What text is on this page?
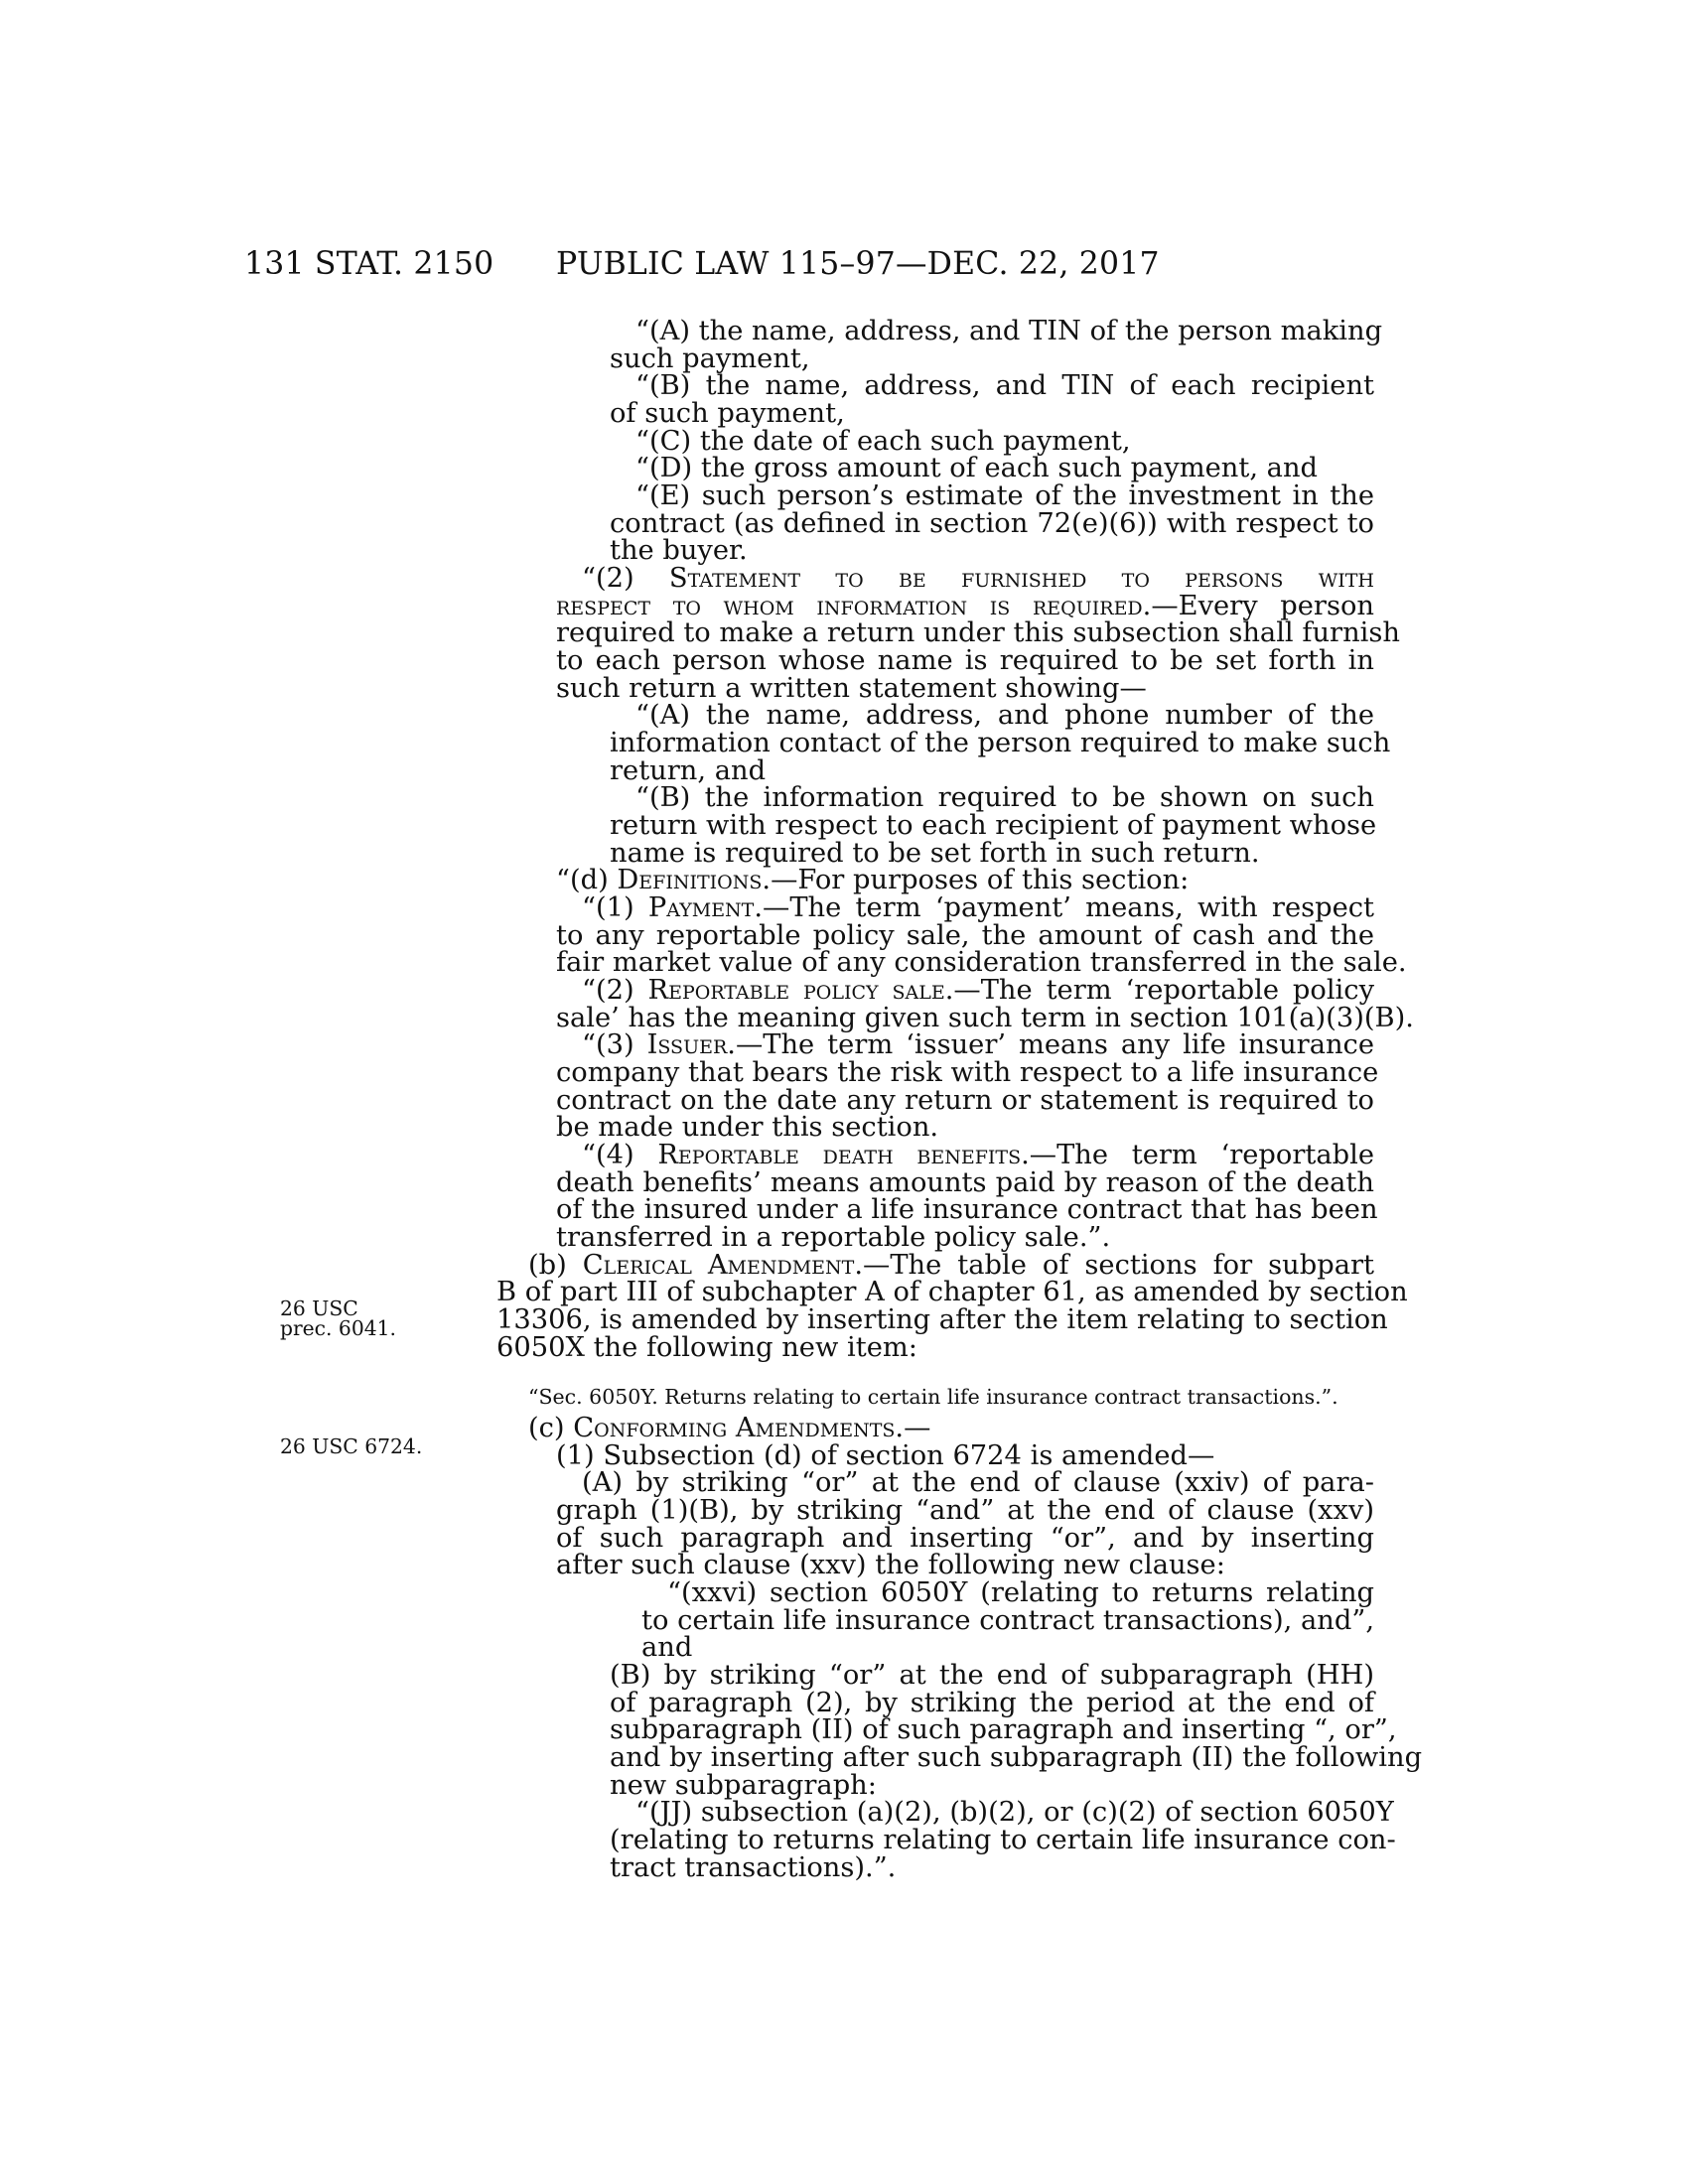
131 STAT. 2150 PUBLIC LAW 115–97—DEC. 22, 2017
26 USC
prec. 6041.
26 USC 6724.
“(A) the name, address, and TIN of the person making
such payment,
“(B) the name, address, and TIN of each recipient
of such payment,
“(C) the date of each such payment,
“(D) the gross amount of each such payment, and
“(E) such person’s estimate of the investment in the
contract (as defined in section 72(e)(6)) with respect to
the buyer.
“(2) Statement to be furnished to persons with
respect to whom information is required.—Every person
required to make a return under this subsection shall furnish
to each person whose name is required to be set forth in
such return a written statement showing—
“(A) the name, address, and phone number of the
information contact of the person required to make such
return, and
“(B) the information required to be shown on such
return with respect to each recipient of payment whose
name is required to be set forth in such return.
“(d) Definitions.—For purposes of this section:
“(1) Payment.—The term ‘payment’ means, with respect
to any reportable policy sale, the amount of cash and the
fair market value of any consideration transferred in the sale.
“(2) Reportable policy sale.—The term ‘reportable policy
sale’ has the meaning given such term in section 101(a)(3)(B).
“(3) Issuer.—The term ‘issuer’ means any life insurance
company that bears the risk with respect to a life insurance
contract on the date any return or statement is required to
be made under this section.
“(4) Reportable death benefits.—The term ‘reportable
death benefits’ means amounts paid by reason of the death
of the insured under a life insurance contract that has been
transferred in a reportable policy sale.”.
(b) Clerical Amendment.—The table of sections for subpart
B of part III of subchapter A of chapter 61, as amended by section
13306, is amended by inserting after the item relating to section
6050X the following new item:
“Sec. 6050Y. Returns relating to certain life insurance contract transactions.”.
(c) Conforming Amendments.—
(1) Subsection (d) of section 6724 is amended—
(A) by striking “or” at the end of clause (xxiv) of para-
graph (1)(B), by striking “and” at the end of clause (xxv)
of such paragraph and inserting “or”, and by inserting
after such clause (xxv) the following new clause:
“(xxvi) section 6050Y (relating to returns relating
to certain life insurance contract transactions), and”,
and
(B) by striking “or” at the end of subparagraph (HH)
of paragraph (2), by striking the period at the end of
subparagraph (II) of such paragraph and inserting “, or”,
and by inserting after such subparagraph (II) the following
new subparagraph:
“(JJ) subsection (a)(2), (b)(2), or (c)(2) of section 6050Y
(relating to returns relating to certain life insurance con-
tract transactions).”.
